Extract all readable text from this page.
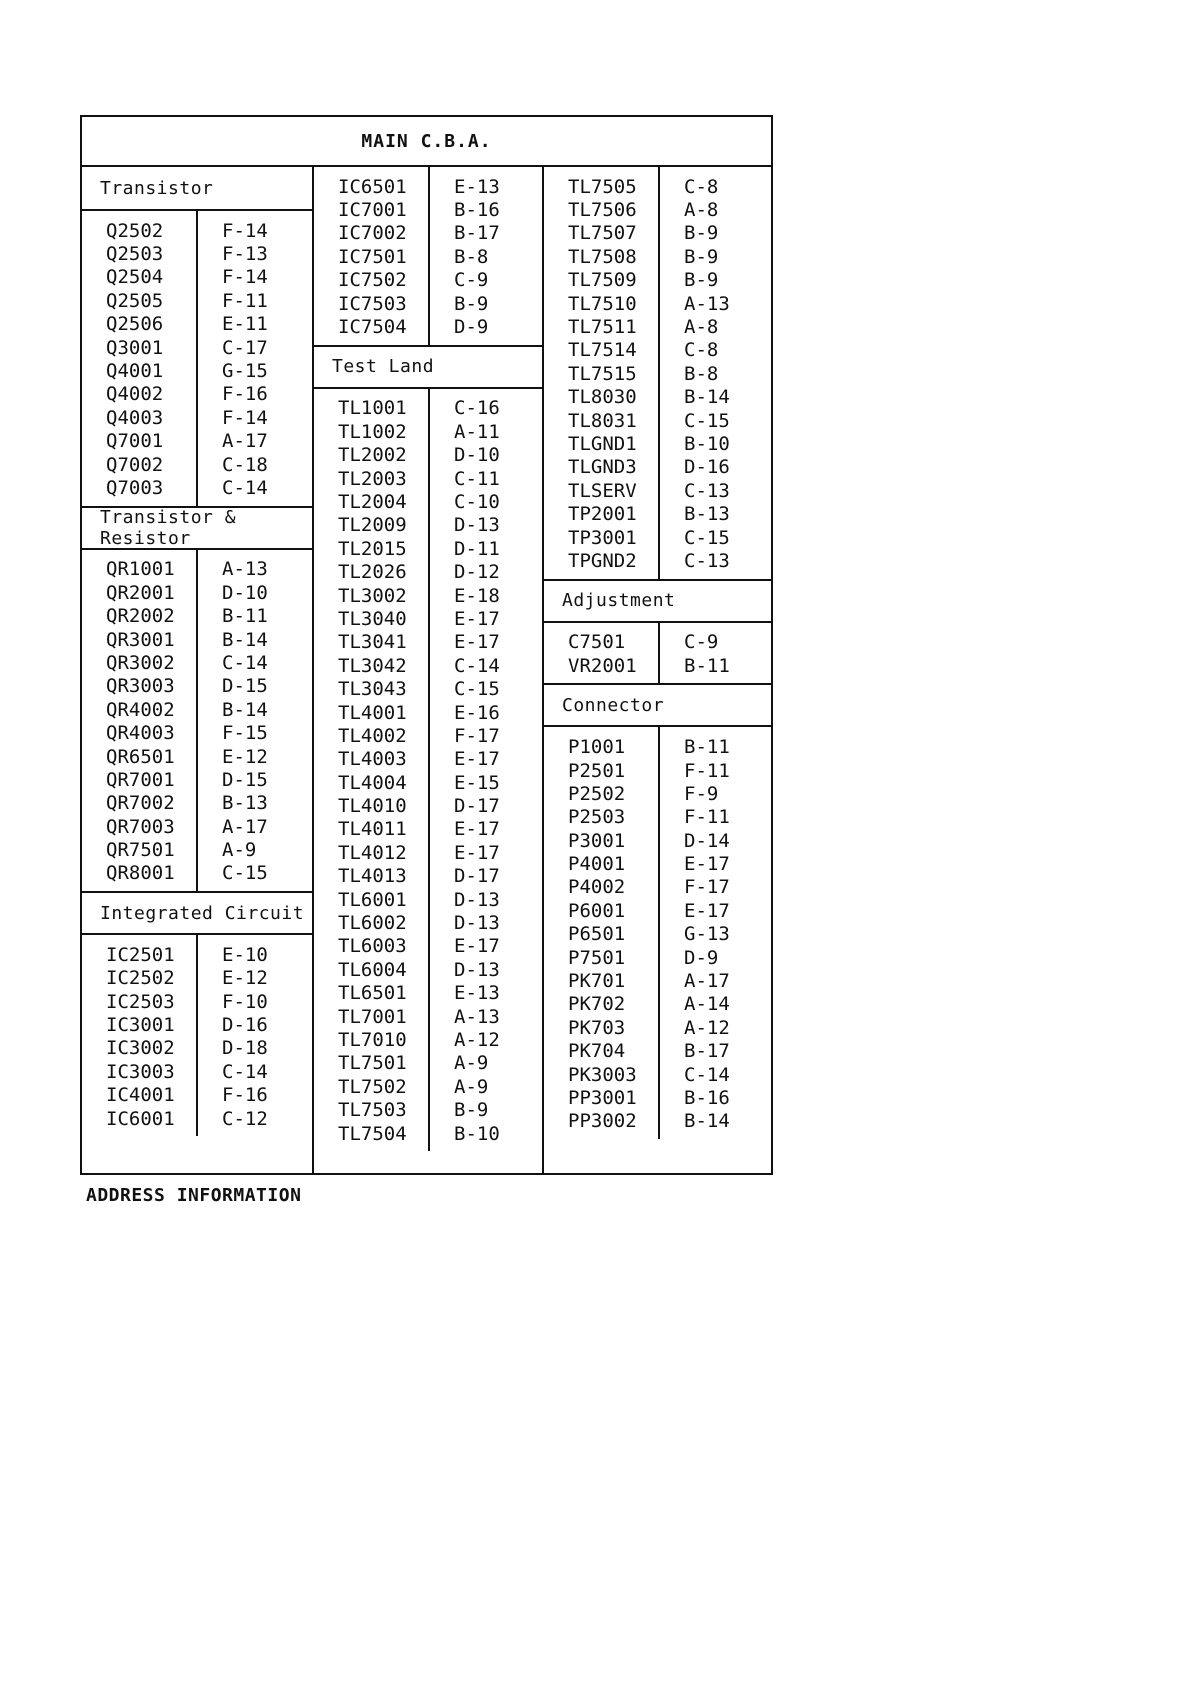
MAIN C.B.A.
Transistor
Q2502	F-14
Q2503	F-13
Q2504	F-14
Q2505	F-11
Q2506	E-11
Q3001	C-17
Q4001	G-15
Q4002	F-16
Q4003	F-14
Q7001	A-17
Q7002	C-18
Q7003	C-14
Transistor & Resistor
QR1001	A-13
QR2001	D-10
QR2002	B-11
QR3001	B-14
QR3002	C-14
QR3003	D-15
QR4002	B-14
QR4003	F-15
QR6501	E-12
QR7001	D-15
QR7002	B-13
QR7003	A-17
QR7501	A-9
QR8001	C-15
Integrated Circuit
IC2501	E-10
IC2502	E-12
IC2503	F-10
IC3001	D-16
IC3002	D-18
IC3003	C-14
IC4001	F-16
IC6001	C-12
IC6501	E-13
IC7001	B-16
IC7002	B-17
IC7501	B-8
IC7502	C-9
IC7503	B-9
IC7504	D-9
Test Land
TL1001	C-16
TL1002	A-11
TL2002	D-10
TL2003	C-11
TL2004	C-10
TL2009	D-13
TL2015	D-11
TL2026	D-12
TL3002	E-18
TL3040	E-17
TL3041	E-17
TL3042	C-14
TL3043	C-15
TL4001	E-16
TL4002	F-17
TL4003	E-17
TL4004	E-15
TL4010	D-17
TL4011	E-17
TL4012	E-17
TL4013	D-17
TL6001	D-13
TL6002	D-13
TL6003	E-17
TL6004	D-13
TL6501	E-13
TL7001	A-13
TL7010	A-12
TL7501	A-9
TL7502	A-9
TL7503	B-9
TL7504	B-10
TL7505	C-8
TL7506	A-8
TL7507	B-9
TL7508	B-9
TL7509	B-9
TL7510	A-13
TL7511	A-8
TL7514	C-8
TL7515	B-8
TL8030	B-14
TL8031	C-15
TLGND1	B-10
TLGND3	D-16
TLSERV	C-13
TP2001	B-13
TP3001	C-15
TPGND2	C-13
Adjustment
C7501	C-9
VR2001	B-11
Connector
P1001	B-11
P2501	F-11
P2502	F-9
P2503	F-11
P3001	D-14
P4001	E-17
P4002	F-17
P6001	E-17
P6501	G-13
P7501	D-9
PK701	A-17
PK702	A-14
PK703	A-12
PK704	B-17
PK3003	C-14
PP3001	B-16
PP3002	B-14
ADDRESS INFORMATION
